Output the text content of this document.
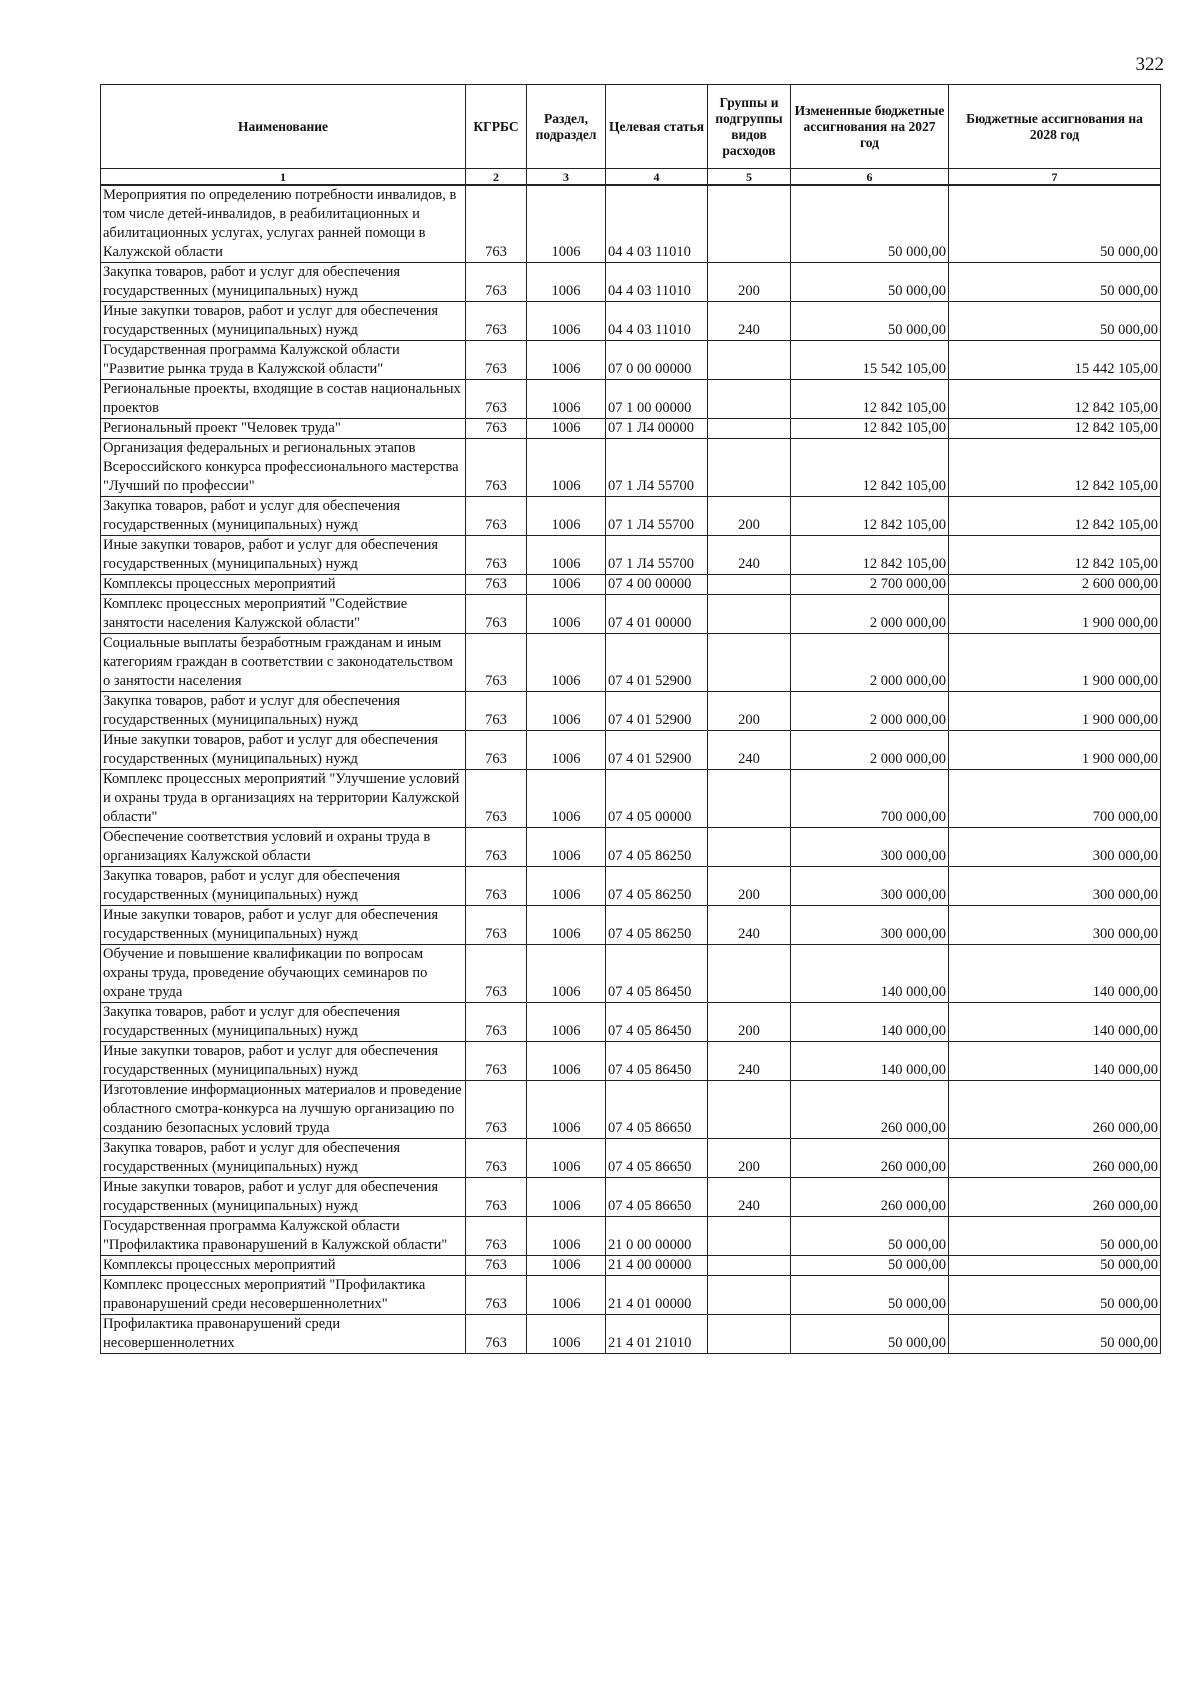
322
Наименование	КГРБС	Раздел, подраздел	Целевая статья	Группы и подгруппы видов расходов	Измененные бюджетные ассигнования на 2027 год	Бюджетные ассигнования на 2028 год
1	2	3	4	5	6	7
Мероприятия по определению потребности инвалидов, в том числе детей-инвалидов, в реабилитационных и абилитационных услугах, услугах ранней помощи в Калужской области	763	1006	04 4 03 11010		50 000,00	50 000,00
Закупка товаров, работ и услуг для обеспечения государственных (муниципальных) нужд	763	1006	04 4 03 11010	200	50 000,00	50 000,00
Иные закупки товаров, работ и услуг для обеспечения государственных (муниципальных) нужд	763	1006	04 4 03 11010	240	50 000,00	50 000,00
Государственная программа Калужской области "Развитие рынка труда в Калужской области"	763	1006	07 0 00 00000		15 542 105,00	15 442 105,00
Региональные проекты, входящие в состав национальных проектов	763	1006	07 1 00 00000		12 842 105,00	12 842 105,00
Региональный проект "Человек труда"	763	1006	07 1 Л4 00000		12 842 105,00	12 842 105,00
Организация федеральных и региональных этапов Всероссийского конкурса профессионального мастерства "Лучший по профессии"	763	1006	07 1 Л4 55700		12 842 105,00	12 842 105,00
Закупка товаров, работ и услуг для обеспечения государственных (муниципальных) нужд	763	1006	07 1 Л4 55700	200	12 842 105,00	12 842 105,00
Иные закупки товаров, работ и услуг для обеспечения государственных (муниципальных) нужд	763	1006	07 1 Л4 55700	240	12 842 105,00	12 842 105,00
Комплексы процессных мероприятий	763	1006	07 4 00 00000		2 700 000,00	2 600 000,00
Комплекс процессных мероприятий "Содействие занятости населения Калужской области"	763	1006	07 4 01 00000		2 000 000,00	1 900 000,00
Социальные выплаты безработным гражданам и иным категориям граждан в соответствии с законодательством о занятости населения	763	1006	07 4 01 52900		2 000 000,00	1 900 000,00
Закупка товаров, работ и услуг для обеспечения государственных (муниципальных) нужд	763	1006	07 4 01 52900	200	2 000 000,00	1 900 000,00
Иные закупки товаров, работ и услуг для обеспечения государственных (муниципальных) нужд	763	1006	07 4 01 52900	240	2 000 000,00	1 900 000,00
Комплекс процессных мероприятий "Улучшение условий и охраны труда в организациях на территории Калужской области"	763	1006	07 4 05 00000		700 000,00	700 000,00
Обеспечение соответствия условий и охраны труда в организациях Калужской области	763	1006	07 4 05 86250		300 000,00	300 000,00
Закупка товаров, работ и услуг для обеспечения государственных (муниципальных) нужд	763	1006	07 4 05 86250	200	300 000,00	300 000,00
Иные закупки товаров, работ и услуг для обеспечения государственных (муниципальных) нужд	763	1006	07 4 05 86250	240	300 000,00	300 000,00
Обучение и повышение квалификации по вопросам охраны труда, проведение обучающих семинаров по охране труда	763	1006	07 4 05 86450		140 000,00	140 000,00
Закупка товаров, работ и услуг для обеспечения государственных (муниципальных) нужд	763	1006	07 4 05 86450	200	140 000,00	140 000,00
Иные закупки товаров, работ и услуг для обеспечения государственных (муниципальных) нужд	763	1006	07 4 05 86450	240	140 000,00	140 000,00
Изготовление информационных материалов и проведение областного смотра-конкурса на лучшую организацию по созданию безопасных условий труда	763	1006	07 4 05 86650		260 000,00	260 000,00
Закупка товаров, работ и услуг для обеспечения государственных (муниципальных) нужд	763	1006	07 4 05 86650	200	260 000,00	260 000,00
Иные закупки товаров, работ и услуг для обеспечения государственных (муниципальных) нужд	763	1006	07 4 05 86650	240	260 000,00	260 000,00
Государственная программа Калужской области "Профилактика правонарушений в Калужской области"	763	1006	21 0 00 00000		50 000,00	50 000,00
Комплексы процессных мероприятий	763	1006	21 4 00 00000		50 000,00	50 000,00
Комплекс процессных мероприятий "Профилактика правонарушений среди несовершеннолетних"	763	1006	21 4 01 00000		50 000,00	50 000,00
Профилактика правонарушений среди несовершеннолетних	763	1006	21 4 01 21010		50 000,00	50 000,00
